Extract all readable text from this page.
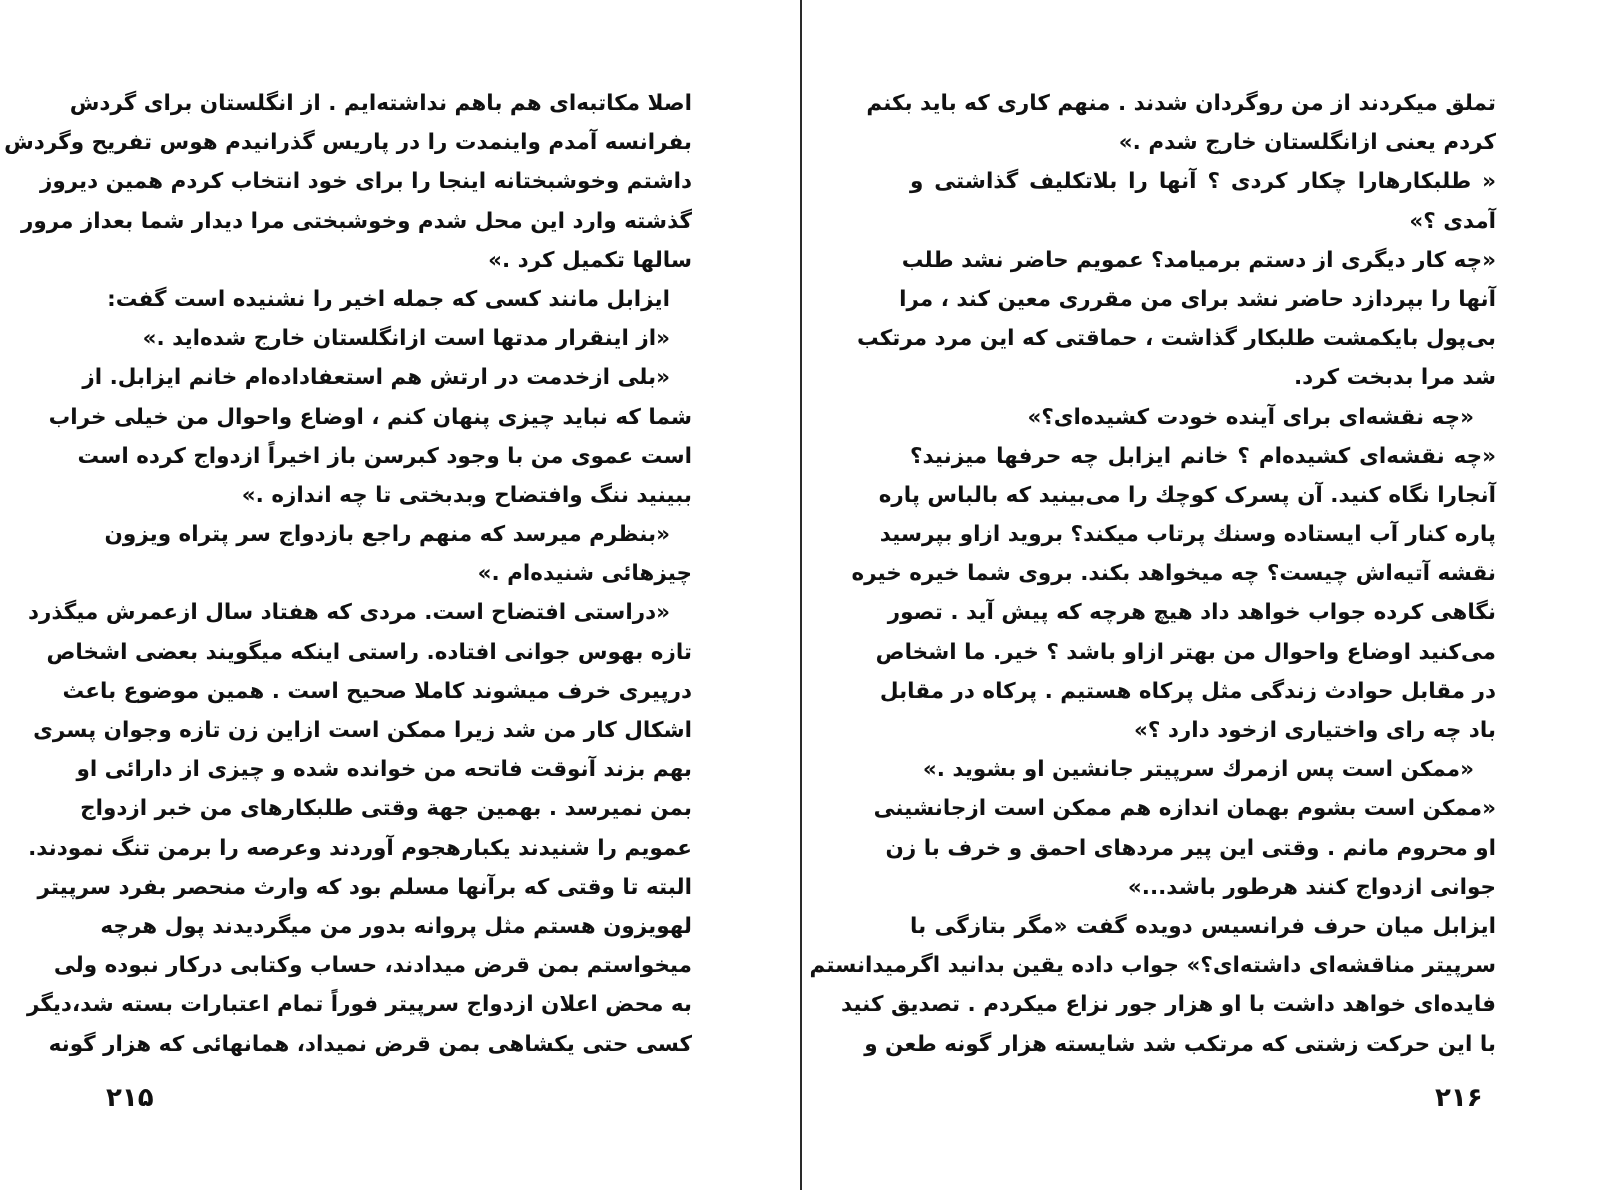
اصلا مکاتبه‌ای هم باهم نداشته‌ایم . از انگلستان برای گردش
بفرانسه آمدم واینمدت را در پاریس گذرانیدم هوس تفریح وگردش
داشتم وخوشبختانه اینجا را برای خود انتخاب کردم همین دیروز
گذشته وارد این محل شدم وخوشبختی مرا دیدار شما بعداز مرور
سالها تکمیل کرد .»
ایزابل مانند کسی که جمله اخیر را نشنیده است گفت:
«از اینقرار مدتها است ازانگلستان خارج شده‌اید .»
«بلی ازخدمت در ارتش هم استعفاداده‌ام خانم ایزابل. از
شما که نباید چیزی پنهان کنم ، اوضاع واحوال من خیلی خراب
است عموی من با وجود کبرسن باز اخیراً ازدواج کرده است
ببینید ننگ وافتضاح وبدبختی تا چه اندازه .»
«بنظرم میرسد که منهم راجع بازدواج سر پتراه ویزون
چیزهائی شنیده‌ام .»
«دراستی افتضاح است. مردی که هفتاد سال ازعمرش میگذرد
تازه بهوس جوانی افتاده. راستی اینکه میگویند بعضی اشخاص
درپیری خرف میشوند کاملا صحیح است . همین موضوع باعث
اشکال کار من شد زیرا ممکن است ازاین زن تازه وجوان پسری
بهم بزند آنوقت فاتحه من خوانده شده و چیزی از دارائی او
بمن نمیرسد . بهمین جهة وقتی طلبکارهای من خبر ازدواج
عمویم را شنیدند یکبارهجوم آوردند وعرصه را برمن تنگ نمودند.
البته تا وقتی که برآنها مسلم بود که وارث منحصر بفرد سرپیتر
لهویزون هستم مثل پروانه بدور من میگردیدند پول هرچه
میخواستم بمن قرض میدادند، حساب وکتابی درکار نبوده ولی
به محض اعلان ازدواج سرپیتر فوراً تمام اعتبارات بسته شد،دیگر
کسی حتی یکشاهی بمن قرض نمیداد، همانهائی که هزار گونه
۲۱۵
تملق میکردند از من روگردان شدند . منهم کاری که باید بکنم
کردم یعنی ازانگلستان خارج شدم .»
« طلبکارهارا چکار کردی ؟ آنها را بلاتکلیف گذاشتی و
آمدی ؟»
«چه کار دیگری از دستم برمیامد؟ عمویم حاضر نشد طلب
آنها را بپردازد حاضر نشد برای من مقرری معین کند ، مرا
بی‌پول بایکمشت طلبکار گذاشت ، حماقتی که این مرد مرتکب
شد مرا بدبخت کرد.
«چه نقشه‌ای برای آینده خودت کشیده‌ای؟»
«چه نقشه‌ای کشیده‌ام ؟ خانم ایزابل چه حرفها میزنید؟
آنجارا نگاه کنید. آن پسرک کوچك را می‌بینید که بالباس پاره
پاره کنار آب ایستاده وسنك پرتاب میکند؟ بروید ازاو بپرسید
نقشه آتیه‌اش چیست؟ چه میخواهد بکند. بروی شما خیره خیره
نگاهی کرده جواب خواهد داد هیچ هرچه که پیش آید . تصور
می‌کنید اوضاع واحوال من بهتر ازاو باشد ؟ خیر. ما اشخاص
در مقابل حوادث زندگی مثل پرکاه هستیم . پرکاه در مقابل
باد چه رای واختیاری ازخود دارد ؟»
«ممکن است پس ازمرك سرپیتر جانشین او بشوید .»
«ممکن است بشوم بهمان اندازه هم ممکن است ازجانشینی
او محروم مانم . وقتی این پیر مردهای احمق و خرف با زن
جوانی ازدواج کنند هرطور باشد...»
ایزابل میان حرف فرانسیس دویده گفت «مگر بتازگی با
سرپیتر مناقشه‌ای داشته‌ای؟» جواب داده یقین بدانید اگرمیدانستم
فایده‌ای خواهد داشت با او هزار جور نزاع میکردم . تصدیق کنید
با این حرکت زشتی که مرتکب شد شایسته هزار گونه طعن و
۲۱۶
